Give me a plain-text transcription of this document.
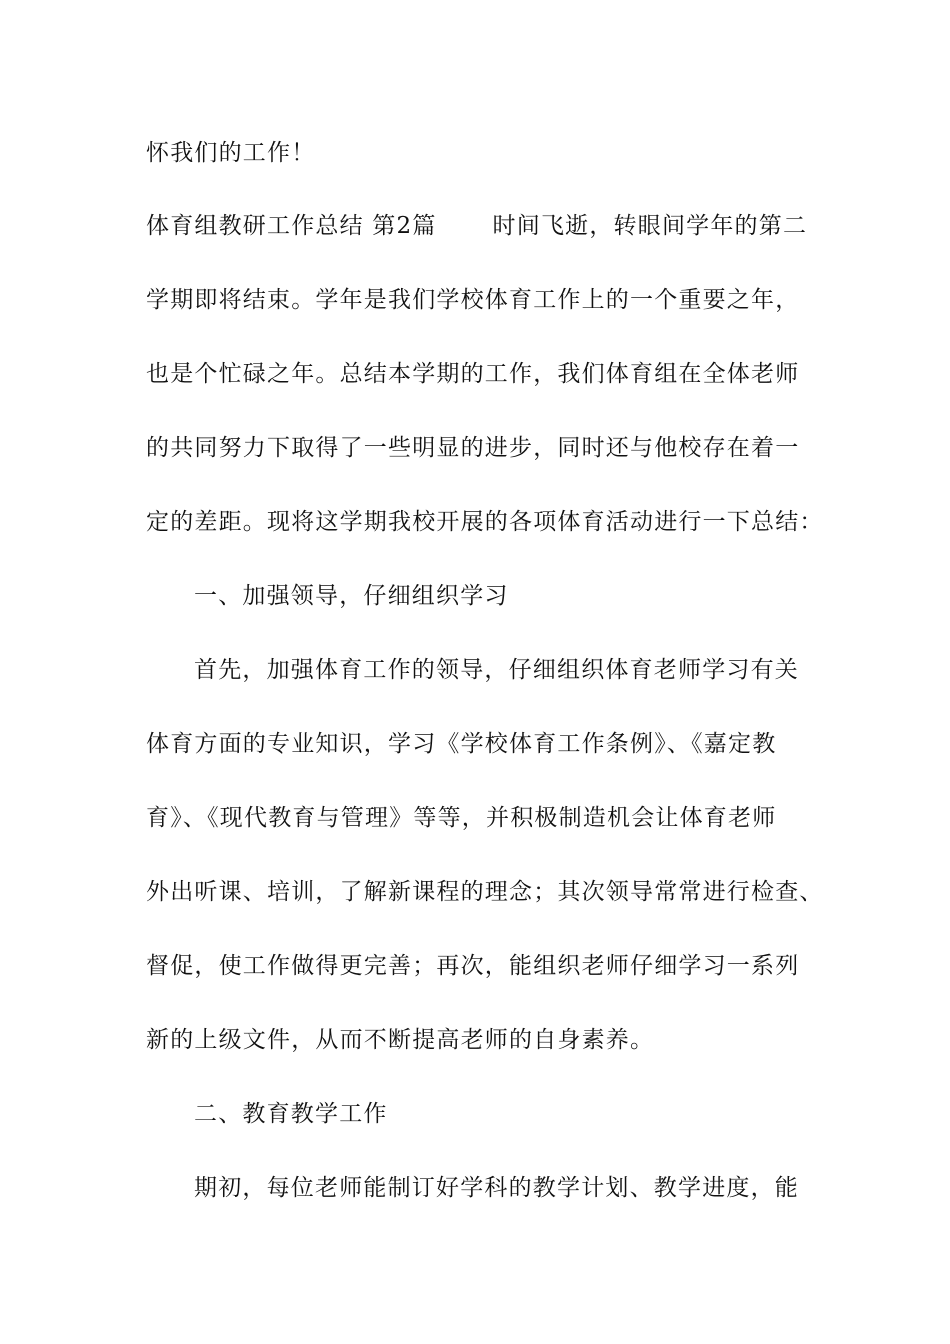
怀我们的工作！
体育组教研工作总结 第2篇 时间飞逝，转眼间学年的第二
学期即将结束。学年是我们学校体育工作上的一个重要之年，
也是个忙碌之年。总结本学期的工作，我们体育组在全体老师
的共同努力下取得了一些明显的进步，同时还与他校存在着一
定的差距。现将这学期我校开展的各项体育活动进行一下总结：
一、加强领导，仔细组织学习
首先，加强体育工作的领导，仔细组织体育老师学习有关
体育方面的专业知识，学习《学校体育工作条例》、《嘉定教
育》、《现代教育与管理》等等，并积极制造机会让体育老师
外出听课、培训，了解新课程的理念；其次领导常常进行检查、
督促，使工作做得更完善；再次，能组织老师仔细学习一系列
新的上级文件，从而不断提高老师的自身素养。
二、教育教学工作
期初，每位老师能制订好学科的教学计划、教学进度，能
